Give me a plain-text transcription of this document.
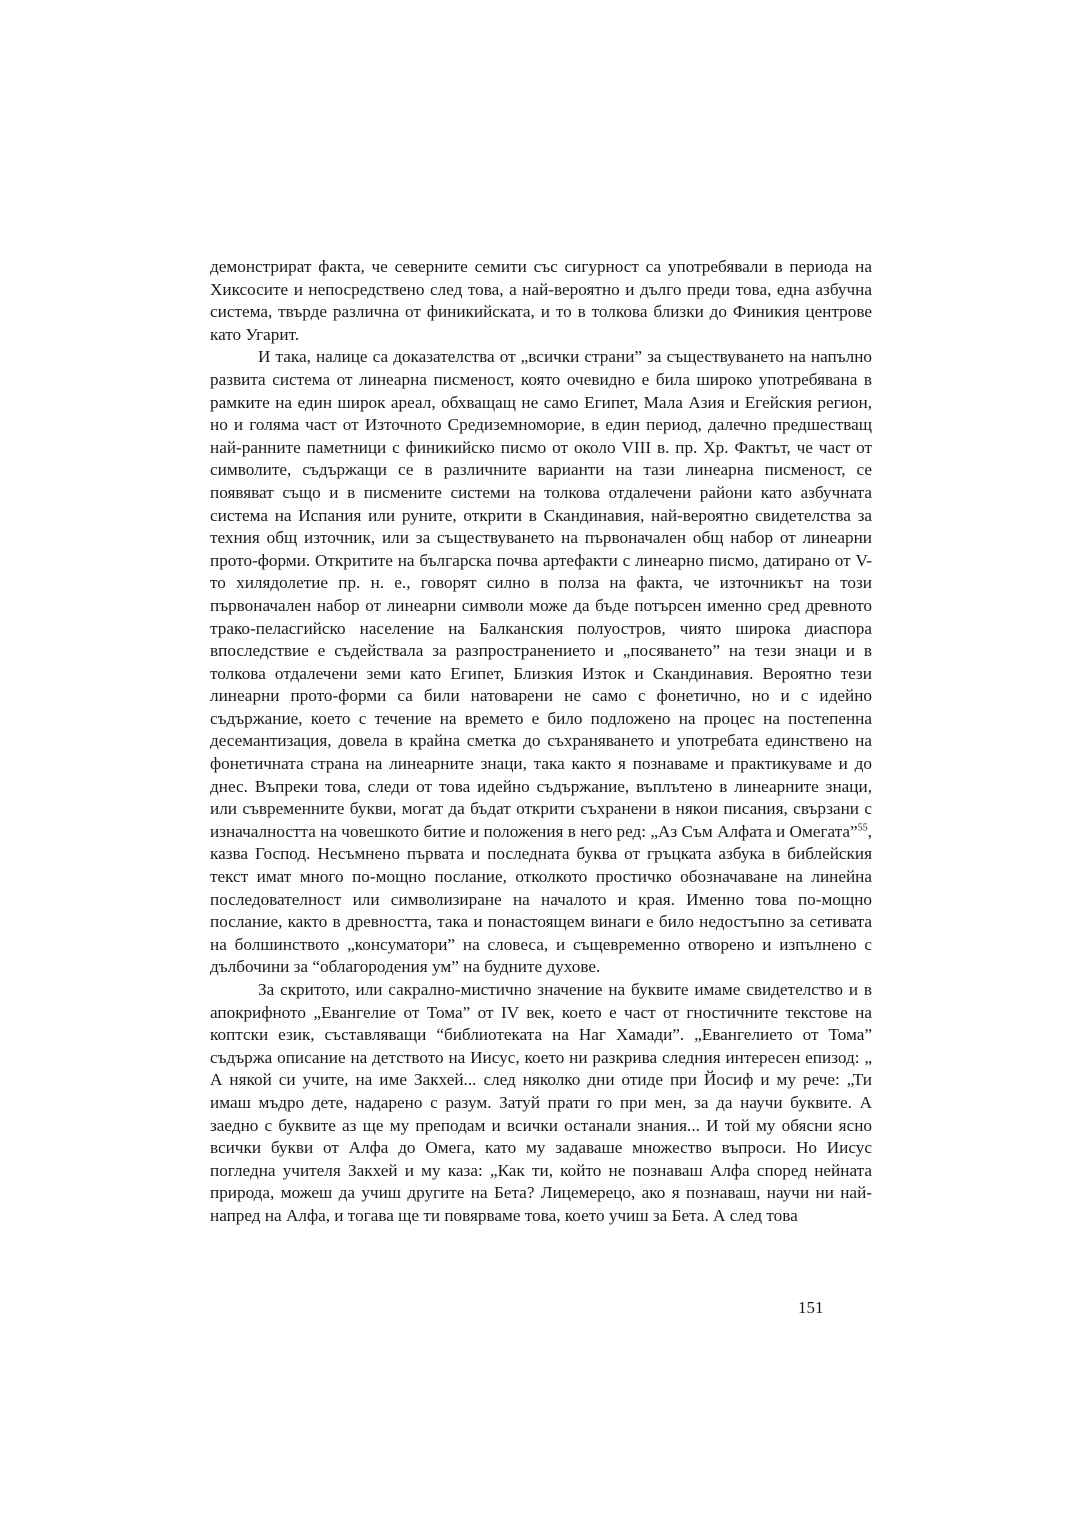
демонстрират факта, че северните семити със сигурност са употребявали в периода на Хиксосите и непосредствено след това, а най-вероятно и дълго преди това, една азбучна система, твърде различна от финикийската, и то в толкова близки до Финикия центрове като Угарит.

И така, налице са доказателства от „всички страни” за съществуването на напълно развита система от линеарна писменост, която очевидно е била широко употребявана в рамките на един широк ареал, обхващащ не само Египет, Мала Азия и Егейския регион, но и голяма част от Източното Средиземноморие, в един период, далечно предшестващ най-ранните паметници с финикийско писмо от около VIII в. пр. Хр. Фактът, че част от символите, съдържащи се в различните варианти на тази линеарна писменост, се появяват също и в писмените системи на толкова отдалечени райони като азбучната система на Испания или руните, открити в Скандинавия, най-вероятно свидетелства за техния общ източник, или за съществуването на първоначален общ набор от линеарни прото-форми. Откритите на българска почва артефакти с линеарно писмо, датирано от V-то хилядолетие пр. н. е., говорят силно в полза на факта, че източникът на този първоначален набор от линеарни символи може да бъде потърсен именно сред древното трако-пеласгийско население на Балканския полуостров, чиято широка диаспора впоследствие е съдействала за разпространението и „посяването” на тези знаци и в толкова отдалечени земи като Египет, Близкия Изток и Скандинавия. Вероятно тези линеарни прото-форми са били натоварени не само с фонетично, но и с идейно съдържание, което с течение на времето е било подложено на процес на постепенна десемантизация, довела в крайна сметка до съхраняването и употребата единствено на фонетичната страна на линеарните знаци, така както я познаваме и практикуваме и до днес. Въпреки това, следи от това идейно съдържание, въплътено в линеарните знаци, или съвременните букви, могат да бъдат открити съхранени в някои писания, свързани с изначалността на човешкото битие и положения в него ред: „Аз Съм Алфата и Омегата”$^{55}$, казва Господ. Несъмнено първата и последната буква от гръцката азбука в библейския текст имат много по-мощно послание, отколкото простичко обозначаване на линейна последователност или символизиране на началото и края. Именно това по-мощно послание, както в древността, така и понастоящем винаги е било недостъпно за сетивата на болшинството „консуматори” на словеса, и същевременно отворено и изпълнено с дълбочини за “облагородения ум” на будните духове.

За скритото, или сакрално-мистично значение на буквите имаме свидетелство и в апокрифното „Евангелие от Тома” от IV век, което е част от гностичните текстове на коптски език, съставляващи “библиотеката на Наг Хамади”. „Евангелието от Тома” съдържа описание на детството на Иисус, което ни разкрива следния интересен епизод: „ А някой си учите, на име Закхей... след няколко дни отиде при Йосиф и му рече: „Ти имаш мъдро дете, надарено с разум. Затуй прати го при мен, за да научи буквите. А заедно с буквите аз ще му преподам и всички останали знания... И той му обясни ясно всички букви от Алфа до Омега, като му задаваше множество въпроси. Но Иисус погледна учителя Закхей и му каза: „Как ти, който не познаваш Алфа според нейната природа, можеш да учиш другите на Бета? Лицемерецо, ако я познаваш, научи ни най-напред на Алфа, и тогава ще ти повярваме това, което учиш за Бета. А след това

151
